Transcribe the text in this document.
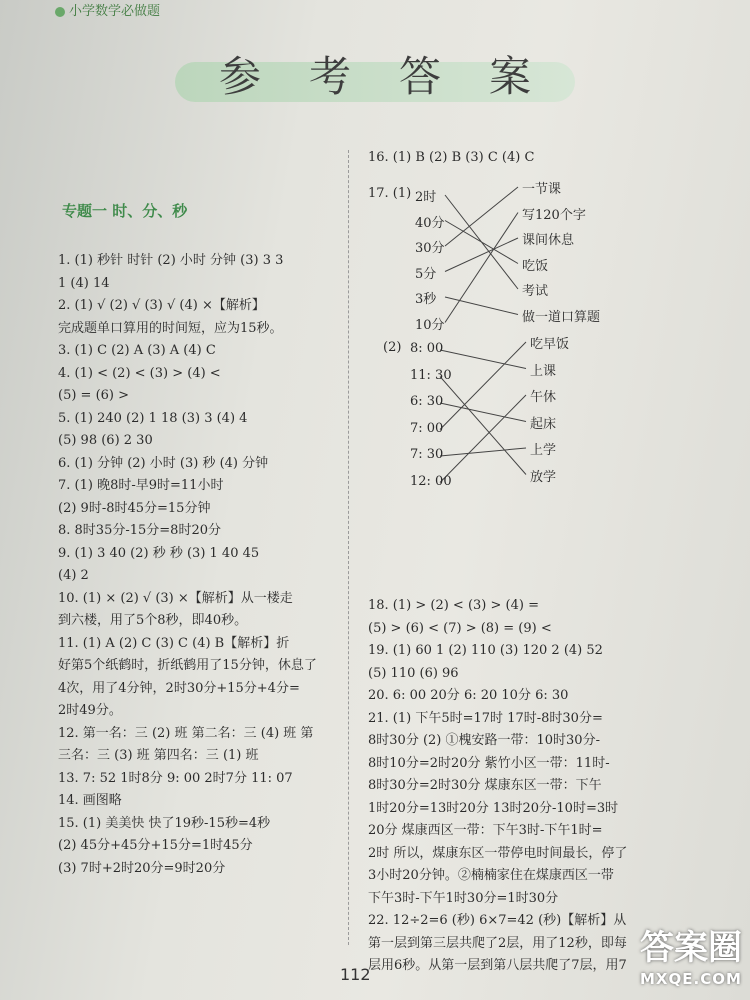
小学数学必做题
参考答案
专题一 时、分、秒
1. (1) 秒针 时针 (2) 小时 分钟 (3) 3 3
1 (4) 14
2. (1) √ (2) √ (3) √ (4) ×【解析】
完成题单口算用的时间短，应为15秒。
3. (1) C (2) A (3) A (4) C
4. (1) < (2) < (3) > (4) <
(5) = (6) >
5. (1) 240 (2) 1 18 (3) 3 (4) 4
(5) 98 (6) 2 30
6. (1) 分钟 (2) 小时 (3) 秒 (4) 分钟
7. (1) 晚8时-早9时=11小时
(2) 9时-8时45分=15分钟
8. 8时35分-15分=8时20分
9. (1) 3 40 (2) 秒 秒 (3) 1 40 45
(4) 2
10. (1) × (2) √ (3) ×【解析】从一楼走
到六楼，用了5个8秒，即40秒。
11. (1) A (2) C (3) C (4) B【解析】折
好第5个纸鹤时，折纸鹤用了15分钟，休息了
4次，用了4分钟，2时30分+15分+4分=
2时49分。
12. 第一名：三 (2) 班 第二名：三 (4) 班 第
三名：三 (3) 班 第四名：三 (1) 班
13. 7: 52 1时8分 9: 00 2时7分 11: 07
14. 画图略
15. (1) 美美快 快了19秒-15秒=4秒
(2) 45分+45分+15分=1时45分
(3) 7时+2时20分=9时20分
16. (1) B (2) B (3) C (4) C
17. (1) 2时
40分
30分
5分
3秒
10分
一节课
写120个字
课间休息
吃饭
考试
做一道口算题
8: 00
11: 30
6: 30
7: 00
7: 30
12: 00
吃早饭
上课
午休
起床
上学
放学
(2)
18. (1) > (2) < (3) > (4) =
(5) > (6) < (7) > (8) = (9) <
19. (1) 60 1 (2) 110 (3) 120 2 (4) 52
(5) 110 (6) 96
20. 6: 00 20分 6: 20 10分 6: 30
21. (1) 下午5时=17时 17时-8时30分=
8时30分 (2) ①槐安路一带：10时30分-
8时10分=2时20分 紫竹小区一带：11时-
8时30分=2时30分 煤康东区一带：下午
1时20分=13时20分 13时20分-10时=3时
20分 煤康西区一带：下午3时-下午1时=
2时 所以，煤康东区一带停电时间最长，停了
3小时20分钟。②楠楠家住在煤康西区一带
下午3时-下午1时30分=1时30分
22. 12÷2=6 (秒) 6×7=42 (秒)【解析】从
第一层到第三层共爬了2层，用了12秒，即每
层用6秒。从第一层到第八层共爬了7层，用7
112
答案圈
MXQE.COM
